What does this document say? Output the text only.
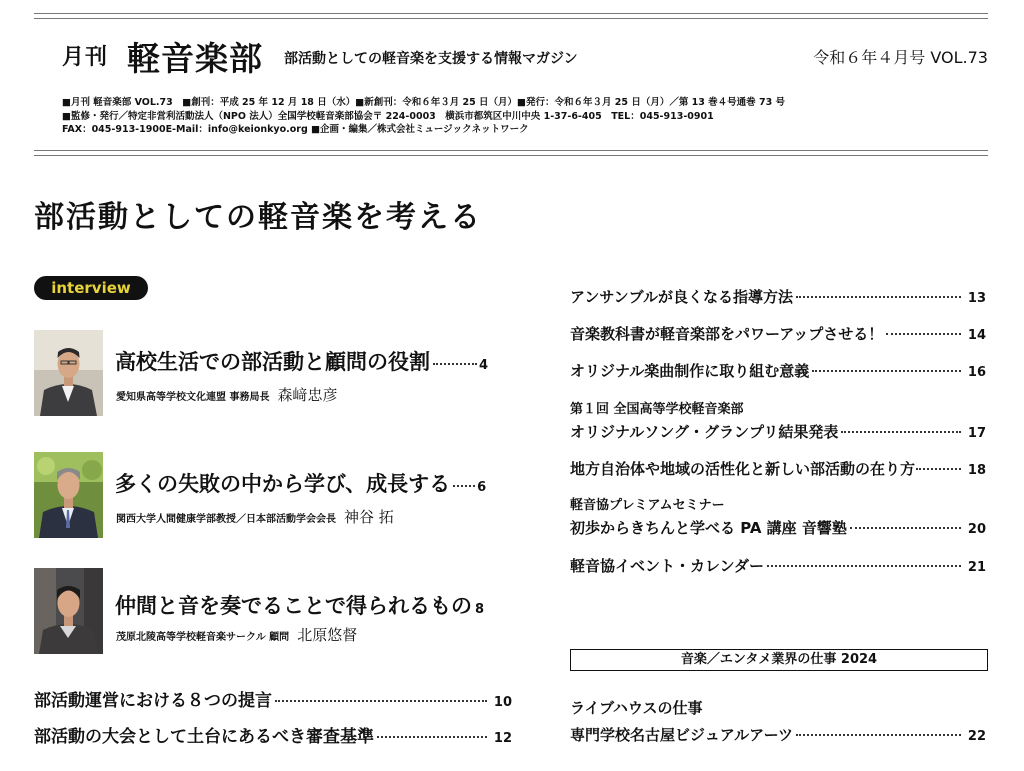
月刊 軽音楽部 部活動としての軽音楽を支援する情報マガジン	令和６年４月号 VOL.73
■月刊 軽音楽部 VOL.73　■創刊：平成 25 年 12 月 18 日（水）■新創刊：令和６年３月 25 日（月）■発行：令和６年３月 25 日（月）／第 13 巻４号通巻 73 号
■監修・発行／特定非営利活動法人（NPO 法人）全国学校軽音楽部協会〒 224-0003　横浜市都筑区中川中央 1-37-6-405　TEL：045-913-0901
FAX：045-913-1900E-Mail：info@keionkyo.org ■企画・編集／株式会社ミュージックネットワーク
部活動としての軽音楽を考える
interview
高校生活での部活動と顧問の役割	4
愛知県高等学校文化連盟 事務局長 森﨑忠彦
多くの失敗の中から学び、成長する 6
関西大学人間健康学部教授／日本部活動学会会長 神谷 拓
仲間と音を奏でることで得られるもの 8
茂原北陵高等学校軽音楽サークル 顧問 北原悠督
部活動運営における８つの提言	10
部活動の大会として土台にあるべき審査基準	12
アンサンブルが良くなる指導方法	13
音楽教科書が軽音楽部をパワーアップさせる！	14
オリジナル楽曲制作に取り組む意義	16
第１回 全国高等学校軽音楽部
オリジナルソング・グランプリ結果発表	17
地方自治体や地域の活性化と新しい部活動の在り方	18
軽音協プレミアムセミナー
初歩からきちんと学べる PA 講座 音響塾	20
軽音協イベント・カレンダー	21
音楽／エンタメ業界の仕事 2024
ライブハウスの仕事
専門学校名古屋ビジュアルアーツ	22
